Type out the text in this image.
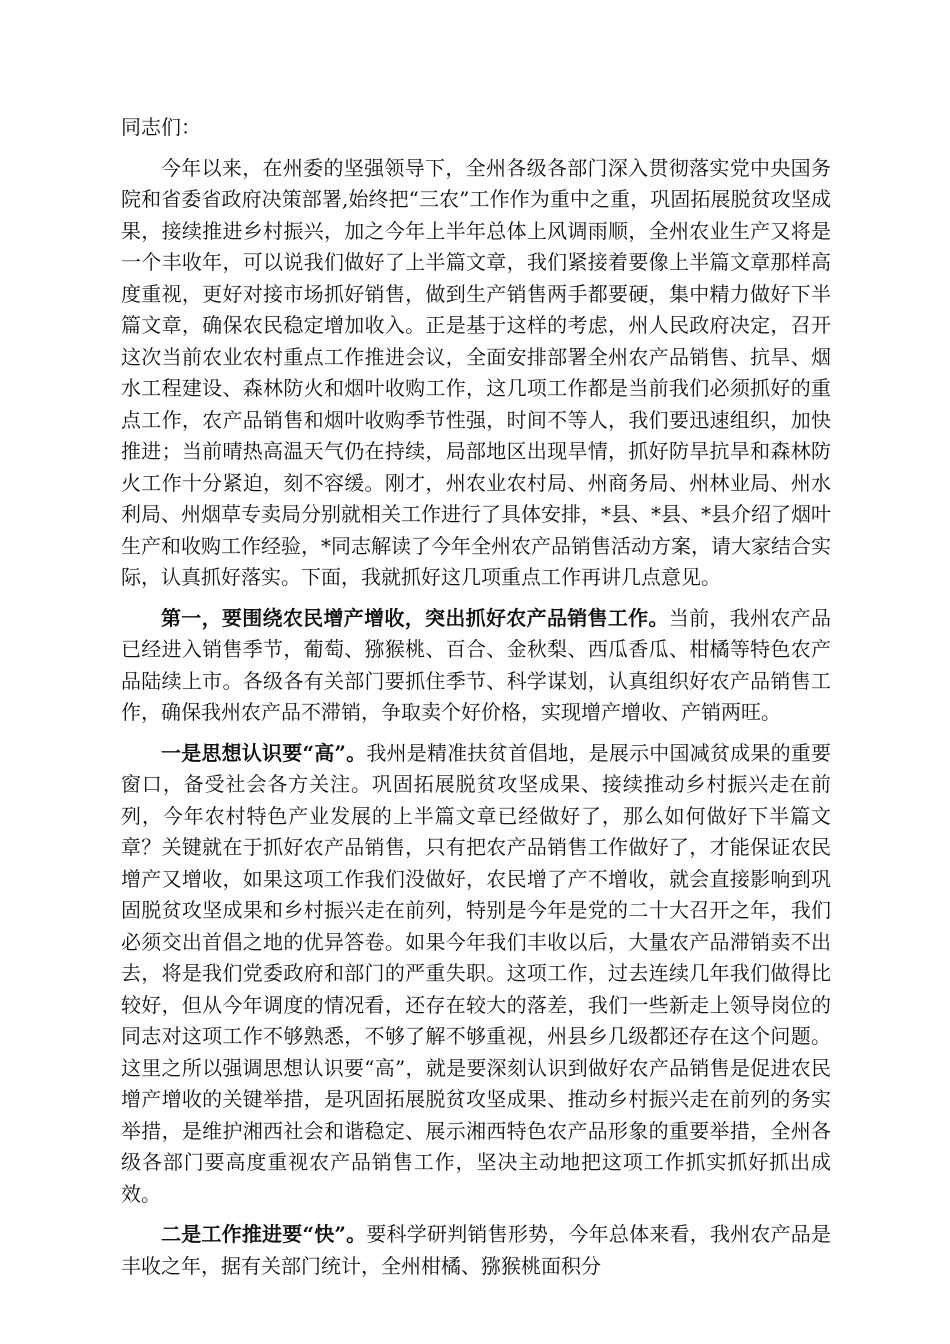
同志们：

今年以来，在州委的坚强领导下，全州各级各部门深入贯彻落实党中央国务院和省委省政府决策部署,始终把“三农”工作作为重中之重，巩固拓展脱贫攻坚成果，接续推进乡村振兴，加之今年上半年总体上风调雨顺，全州农业生产又将是一个丰收年，可以说我们做好了上半篇文章，我们紧接着要像上半篇文章那样高度重视，更好对接市场抓好销售，做到生产销售两手都要硬，集中精力做好下半篇文章，确保农民稳定增加收入。正是基于这样的考虑，州人民政府决定，召开这次当前农业农村重点工作推进会议，全面安排部署全州农产品销售、抗旱、烟水工程建设、森林防火和烟叶收购工作，这几项工作都是当前我们必须抓好的重点工作，农产品销售和烟叶收购季节性强，时间不等人，我们要迅速组织，加快推进；当前晴热高温天气仍在持续，局部地区出现旱情，抓好防旱抗旱和森林防火工作十分紧迫，刻不容缓。刚才，州农业农村局、州商务局、州林业局、州水利局、州烟草专卖局分别就相关工作进行了具体安排，*县、*县、*县介绍了烟叶生产和收购工作经验，*同志解读了今年全州农产品销售活动方案，请大家结合实际，认真抓好落实。下面，我就抓好这几项重点工作再讲几点意见。

第一，要围绕农民增产增收，突出抓好农产品销售工作。当前，我州农产品已经进入销售季节，葡萄、猕猴桃、百合、金秋梨、西瓜香瓜、柑橘等特色农产品陆续上市。各级各有关部门要抓住季节、科学谋划，认真组织好农产品销售工作，确保我州农产品不滞销，争取卖个好价格，实现增产增收、产销两旺。

一是思想认识要“高”。我州是精准扶贫首倡地，是展示中国减贫成果的重要窗口，备受社会各方关注。巩固拓展脱贫攻坚成果、接续推动乡村振兴走在前列，今年农村特色产业发展的上半篇文章已经做好了，那么如何做好下半篇文章？关键就在于抓好农产品销售，只有把农产品销售工作做好了，才能保证农民增产又增收，如果这项工作我们没做好，农民增了产不增收，就会直接影响到巩固脱贫攻坚成果和乡村振兴走在前列，特别是今年是党的二十大召开之年，我们必须交出首倡之地的优异答卷。如果今年我们丰收以后，大量农产品滞销卖不出去，将是我们党委政府和部门的严重失职。这项工作，过去连续几年我们做得比较好，但从今年调度的情况看，还存在较大的落差，我们一些新走上领导岗位的同志对这项工作不够熟悉，不够了解不够重视，州县乡几级都还存在这个问题。这里之所以强调思想认识要“高”，就是要深刻认识到做好农产品销售是促进农民增产增收的关键举措，是巩固拓展脱贫攻坚成果、推动乡村振兴走在前列的务实举措，是维护湘西社会和谐稳定、展示湘西特色农产品形象的重要举措，全州各级各部门要高度重视农产品销售工作，坚决主动地把这项工作抓实抓好抓出成效。

二是工作推进要“快”。要科学研判销售形势，今年总体来看，我州农产品是丰收之年，据有关部门统计，全州柑橘、猕猴桃面积分
